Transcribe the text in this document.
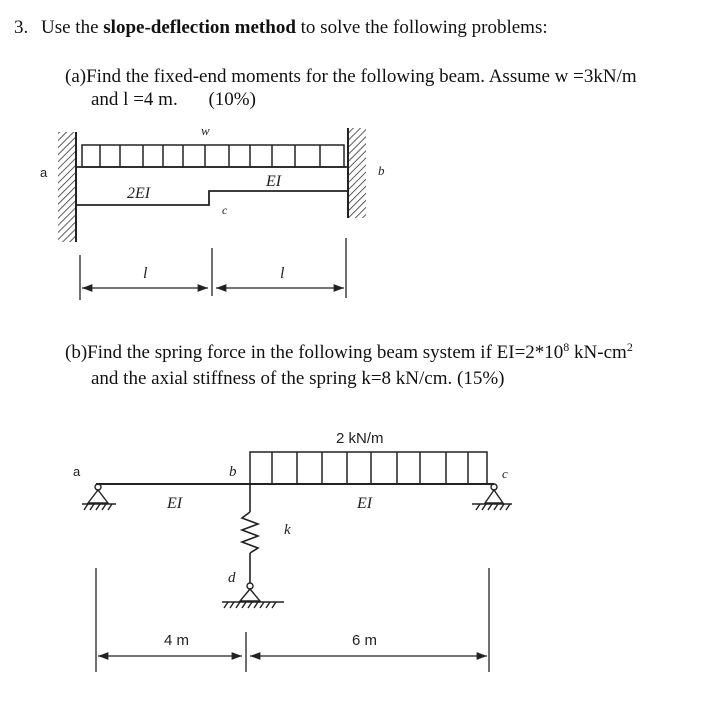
3. Use the slope-deflection method to solve the following problems:
(a)Find the fixed-end moments for the following beam. Assume w =3kN/m
and l =4 m. (10%)
(b)Find the spring force in the following beam system if $EI=2*10^8$ $kN-cm^2$
and the axial stiffness of the spring k=8 kN/cm. (15%)
a	b
w
2EI
EI
c
l	l
2 kN/m
a	c
b
k
d
EI	EI
4 m	6 m
